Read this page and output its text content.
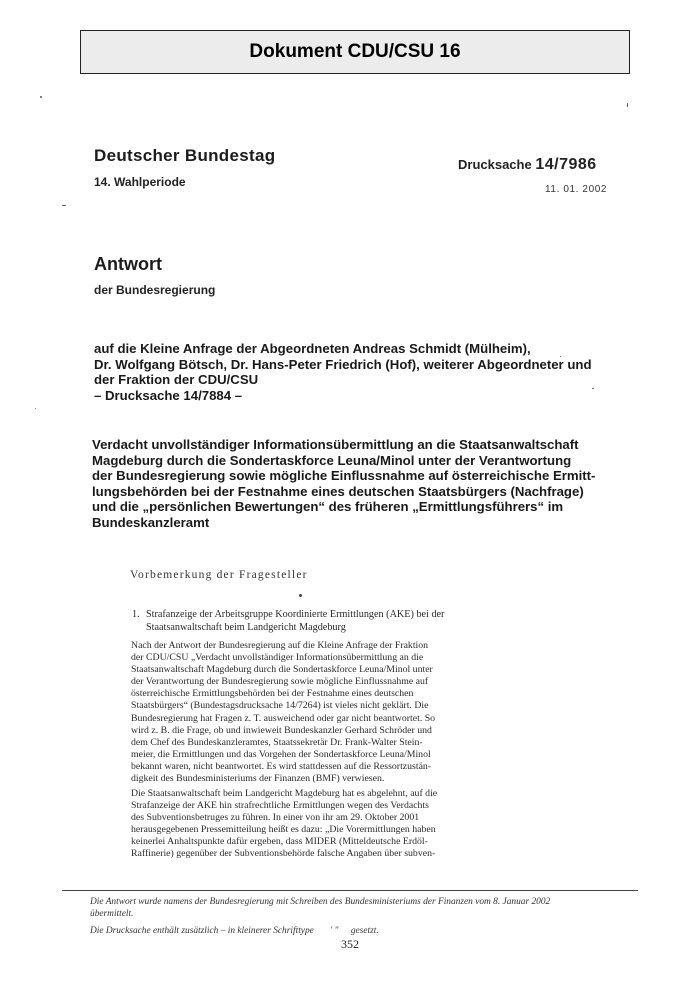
Dokument CDU/CSU 16
Deutscher Bundestag
14. Wahlperiode
Drucksache 14/7986
11. 01. 2002
Antwort
der Bundesregierung
auf die Kleine Anfrage der Abgeordneten Andreas Schmidt (Mülheim),
Dr. Wolfgang Bötsch, Dr. Hans-Peter Friedrich (Hof), weiterer Abgeordneter und
der Fraktion der CDU/CSU
– Drucksache 14/7884 –
Verdacht unvollständiger Informationsübermittlung an die Staatsanwaltschaft
Magdeburg durch die Sondertaskforce Leuna/Minol unter der Verantwortung
der Bundesregierung sowie mögliche Einflussnahme auf österreichische Ermitt-
lungsbehörden bei der Festnahme eines deutschen Staatsbürgers (Nachfrage)
und die „persönlichen Bewertungen“ des früheren „Ermittlungsführers“ im
Bundeskanzleramt
Vorbemerkung der Fragesteller
1. Strafanzeige der Arbeitsgruppe Koordinierte Ermittlungen (AKE) bei der
Staatsanwaltschaft beim Landgericht Magdeburg
Nach der Antwort der Bundesregierung auf die Kleine Anfrage der Fraktion
der CDU/CSU „Verdacht unvollständiger Informationsübermittlung an die
Staatsanwaltschaft Magdeburg durch die Sondertaskforce Leuna/Minol unter
der Verantwortung der Bundesregierung sowie mögliche Einflussnahme auf
österreichische Ermittlungsbehörden bei der Festnahme eines deutschen
Staatsbürgers“ (Bundestagsdrucksache 14/7264) ist vieles nicht geklärt. Die
Bundesregierung hat Fragen z. T. ausweichend oder gar nicht beantwortet. So
wird z. B. die Frage, ob und inwieweit Bundeskanzler Gerhard Schröder und
dem Chef des Bundeskanzleramtes, Staatssekretär Dr. Frank-Walter Stein-
meier, die Ermittlungen und das Vorgehen der Sondertaskforce Leuna/Minol
bekannt waren, nicht beantwortet. Es wird stattdessen auf die Ressortzustän-
digkeit des Bundesministeriums der Finanzen (BMF) verwiesen.
Die Staatsanwaltschaft beim Landgericht Magdeburg hat es abgelehnt, auf die
Strafanzeige der AKE hin strafrechtliche Ermittlungen wegen des Verdachts
des Subventionsbetruges zu führen. In einer von ihr am 29. Oktober 2001
herausgegebenen Pressemitteilung heißt es dazu: „Die Vorermittlungen haben
keinerlei Anhaltspunkte dafür ergeben, dass MIDER (Mitteldeutsche Erdöl-
Raffinerie) gegenüber der Subventionsbehörde falsche Angaben über subven-
Die Antwort wurde namens der Bundesregierung mit Schreiben des Bundesministeriums der Finanzen vom 8. Januar 2002
übermittelt.
Die Drucksache enthält zusätzlich – in kleinerer Schrifttype ' " gesetzt.
352
